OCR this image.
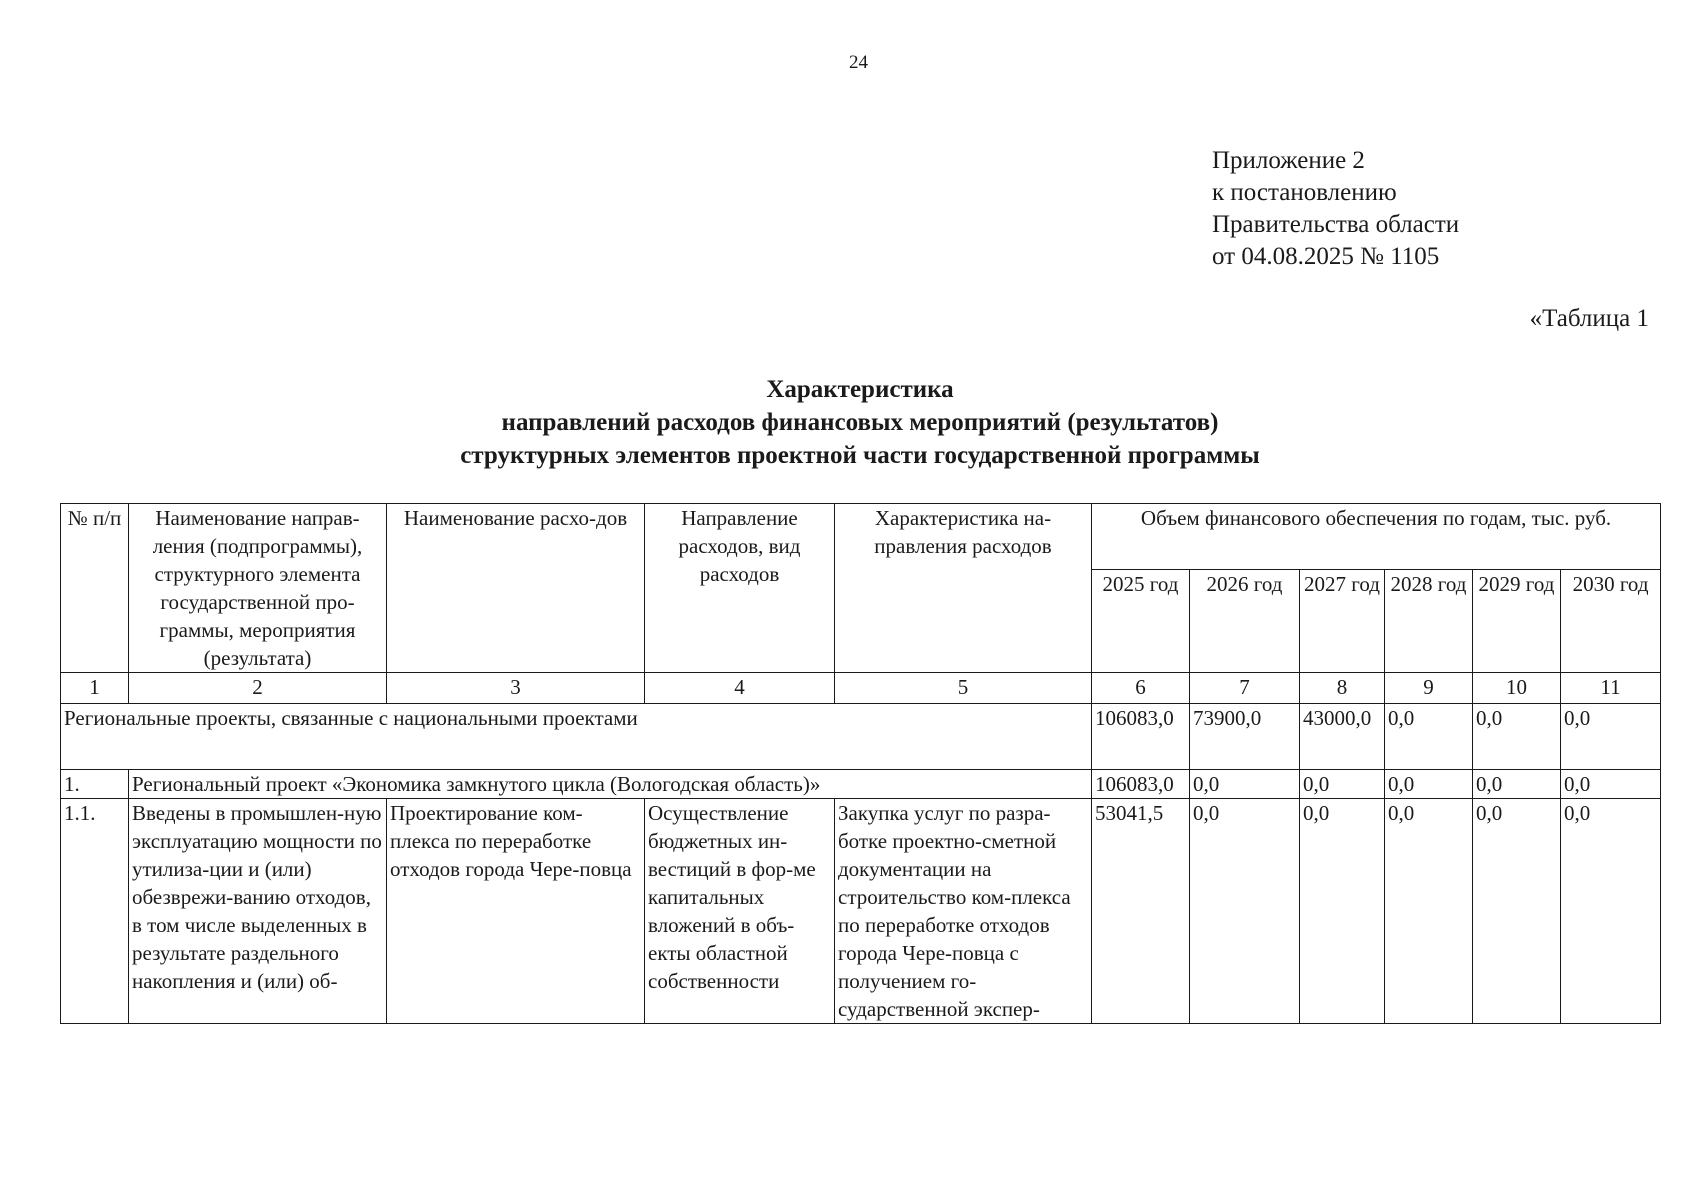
24
Приложение 2
к постановлению
Правительства области
от 04.08.2025 № 1105
«Таблица 1
Характеристика
направлений расходов финансовых мероприятий (результатов)
структурных элементов проектной части государственной программы
№ п/п	Наименование направ-ления (подпрограммы), структурного элемента государственной про-граммы, мероприятия (результата)	Наименование расхо-дов	Направление расходов, вид расходов	Характеристика на-правления расходов	Объем финансового обеспечения по годам, тыс. руб.					
					2025 год	2026 год	2027 год	2028 год	2029 год	2030 год
1	2	3	4	5	6	7	8	9	10	11
Региональные проекты, связанные с национальными проектами					106083,0	73900,0	43000,0	0,0	0,0	0,0
1.	Региональный проект «Экономика замкнутого цикла (Вологодская область)»				106083,0	0,0	0,0	0,0	0,0	0,0
1.1.	Введены в промышлен-ную эксплуатацию мощности по утилиза-ции и (или) обезврежи-ванию отходов, в том числе выделенных в результате раздельного накопления и (или) об-	Проектирование ком-плекса по переработке отходов города Чере-повца	Осуществление бюджетных ин-вестиций в фор-ме капитальных вложений в объ-екты областной собственности	Закупка услуг по разра-ботке проектно-сметной документации на строительство ком-плекса по переработке отходов города Чере-повца с получением го-сударственной экспер-	53041,5	0,0	0,0	0,0	0,0	0,0
